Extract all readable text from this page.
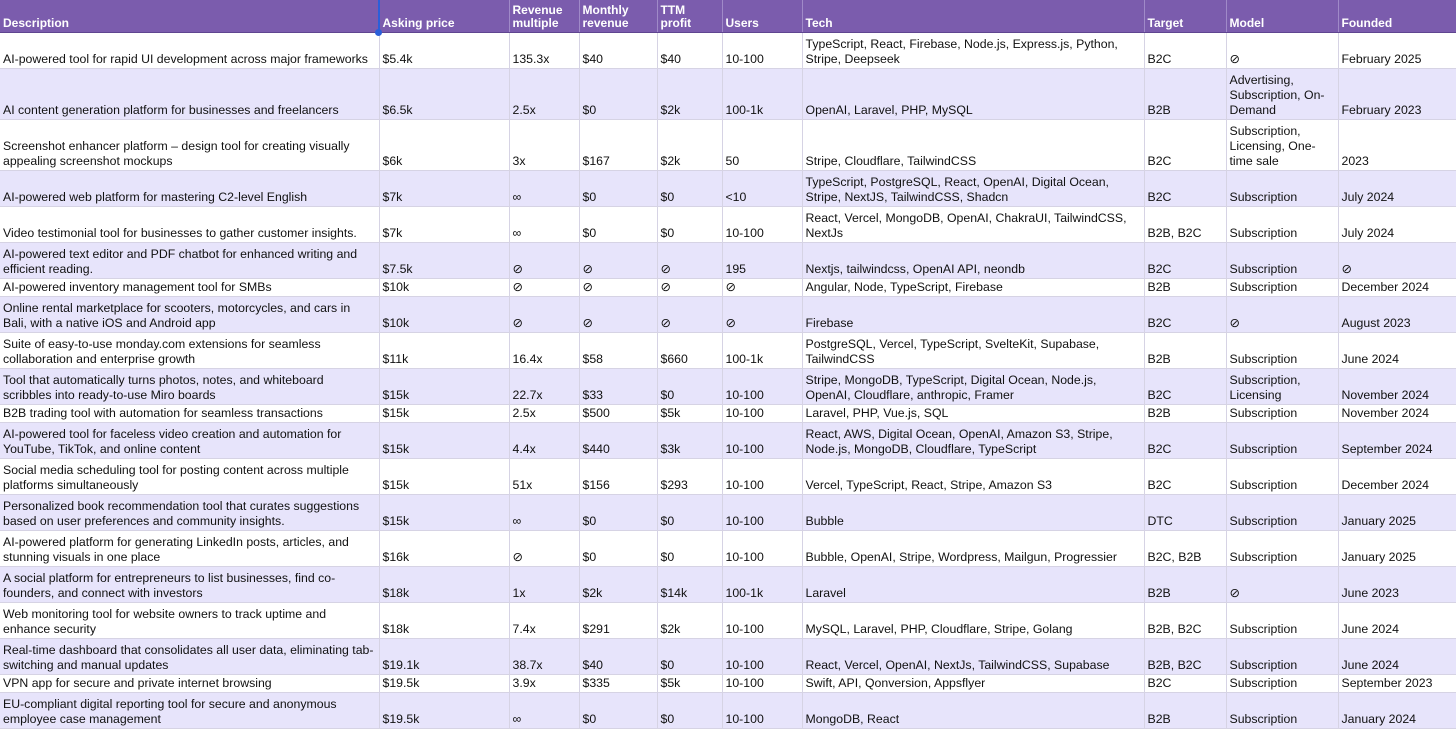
Description	Asking price	Revenue multiple	Monthly revenue	TTM profit	Users	Tech	Target	Model	Founded
AI-powered tool for rapid UI development across major frameworks	$5.4k	135.3x	$40	$40	10-100	TypeScript, React, Firebase, Node.js, Express.js, Python, Stripe, Deepseek	B2C	⊘	February 2025
AI content generation platform for businesses and freelancers	$6.5k	2.5x	$0	$2k	100-1k	OpenAI, Laravel, PHP, MySQL	B2B	Advertising, Subscription, On-Demand	February 2023
Screenshot enhancer platform – design tool for creating visually appealing screenshot mockups	$6k	3x	$167	$2k	50	Stripe, Cloudflare, TailwindCSS	B2C	Subscription, Licensing, One-time sale	2023
AI-powered web platform for mastering C2-level English	$7k	∞	$0	$0	<10	TypeScript, PostgreSQL, React, OpenAI, Digital Ocean, Stripe, NextJS, TailwindCSS, Shadcn	B2C	Subscription	July 2024
Video testimonial tool for businesses to gather customer insights.	$7k	∞	$0	$0	10-100	React, Vercel, MongoDB, OpenAI, ChakraUI, TailwindCSS, NextJs	B2B, B2C	Subscription	July 2024
AI-powered text editor and PDF chatbot for enhanced writing and efficient reading.	$7.5k	⊘	⊘	⊘	195	Nextjs, tailwindcss, OpenAI API, neondb	B2C	Subscription	⊘
AI-powered inventory management tool for SMBs	$10k	⊘	⊘	⊘	⊘	Angular, Node, TypeScript, Firebase	B2B	Subscription	December 2024
Online rental marketplace for scooters, motorcycles, and cars in Bali, with a native iOS and Android app	$10k	⊘	⊘	⊘	⊘	Firebase	B2C	⊘	August 2023
Suite of easy-to-use monday.com extensions for seamless collaboration and enterprise growth	$11k	16.4x	$58	$660	100-1k	PostgreSQL, Vercel, TypeScript, SvelteKit, Supabase, TailwindCSS	B2B	Subscription	June 2024
Tool that automatically turns photos, notes, and whiteboard scribbles into ready-to-use Miro boards	$15k	22.7x	$33	$0	10-100	Stripe, MongoDB, TypeScript, Digital Ocean, Node.js, OpenAI, Cloudflare, anthropic, Framer	B2C	Subscription, Licensing	November 2024
B2B trading tool with automation for seamless transactions	$15k	2.5x	$500	$5k	10-100	Laravel, PHP, Vue.js, SQL	B2B	Subscription	November 2024
AI-powered tool for faceless video creation and automation for YouTube, TikTok, and online content	$15k	4.4x	$440	$3k	10-100	React, AWS, Digital Ocean, OpenAI, Amazon S3, Stripe, Node.js, MongoDB, Cloudflare, TypeScript	B2C	Subscription	September 2024
Social media scheduling tool for posting content across multiple platforms simultaneously	$15k	51x	$156	$293	10-100	Vercel, TypeScript, React, Stripe, Amazon S3	B2C	Subscription	December 2024
Personalized book recommendation tool that curates suggestions based on user preferences and community insights.	$15k	∞	$0	$0	10-100	Bubble	DTC	Subscription	January 2025
AI-powered platform for generating LinkedIn posts, articles, and stunning visuals in one place	$16k	⊘	$0	$0	10-100	Bubble, OpenAI, Stripe, Wordpress, Mailgun, Progressier	B2C, B2B	Subscription	January 2025
A social platform for entrepreneurs to list businesses, find co-founders, and connect with investors	$18k	1x	$2k	$14k	100-1k	Laravel	B2B	⊘	June 2023
Web monitoring tool for website owners to track uptime and enhance security	$18k	7.4x	$291	$2k	10-100	MySQL, Laravel, PHP, Cloudflare, Stripe, Golang	B2B, B2C	Subscription	June 2024
Real-time dashboard that consolidates all user data, eliminating tab-switching and manual updates	$19.1k	38.7x	$40	$0	10-100	React, Vercel, OpenAI, NextJs, TailwindCSS, Supabase	B2B, B2C	Subscription	June 2024
VPN app for secure and private internet browsing	$19.5k	3.9x	$335	$5k	10-100	Swift, API, Qonversion, Appsflyer	B2C	Subscription	September 2023
EU-compliant digital reporting tool for secure and anonymous employee case management	$19.5k	∞	$0	$0	10-100	MongoDB, React	B2B	Subscription	January 2024
